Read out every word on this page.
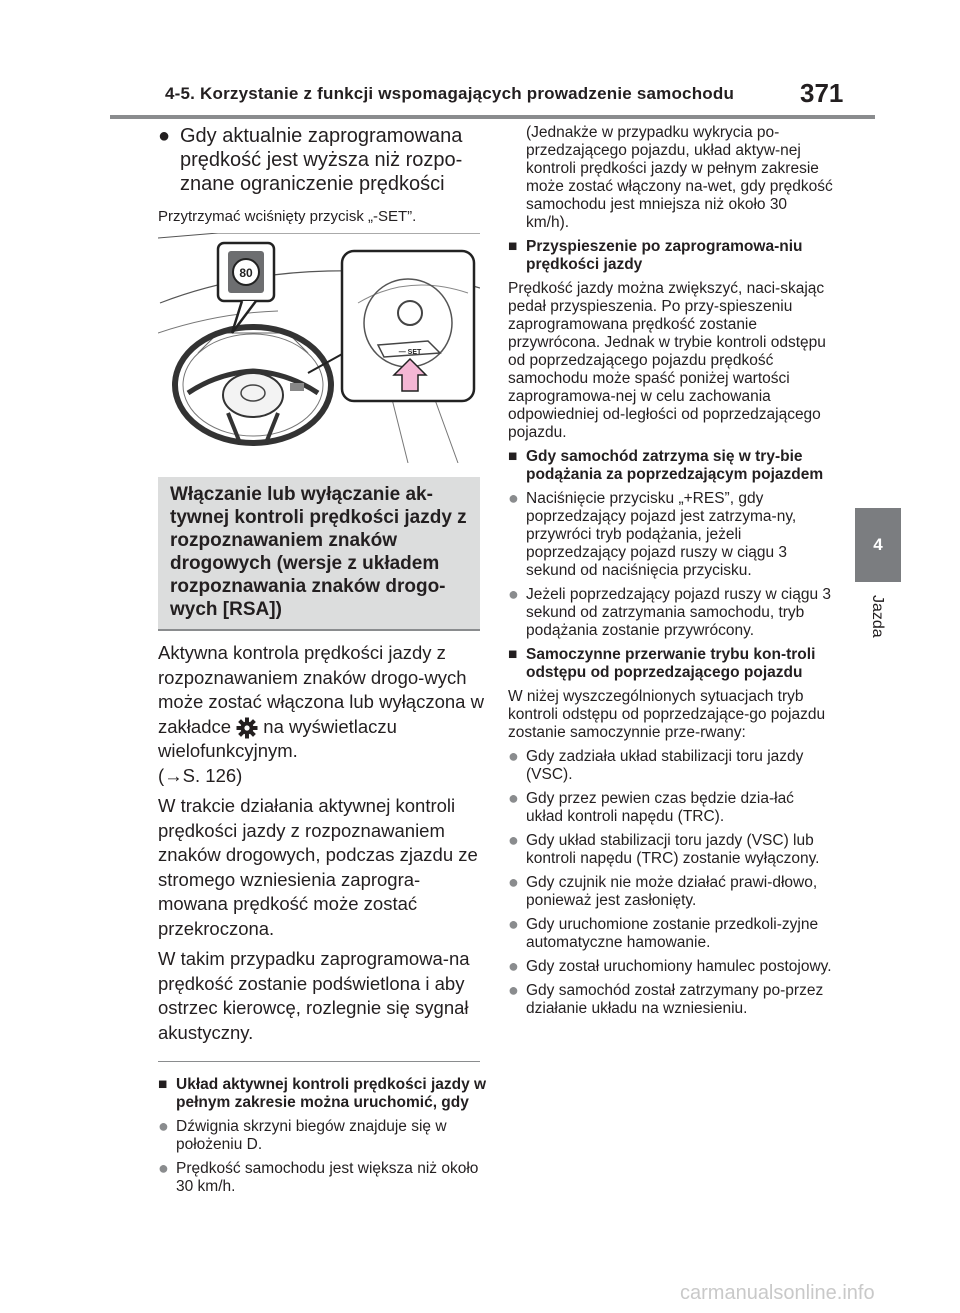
4-5. Korzystanie z funkcji wspomagających prowadzenie samochodu	371
4
Jazda
● Gdy aktualnie zaprogramowana
prędkość jest wyższa niż rozpo-
znane ograniczenie prędkości

Przytrzymać wciśnięty przycisk „-SET”.

80
— SET
Włączanie lub wyłączanie ak-tywnej kontroli prędkości jazdy z rozpoznawaniem znaków drogowych (wersje z układem rozpoznawania znaków drogo-wych [RSA])

Aktywna kontrola prędkości jazdy z rozpoznawaniem znaków drogo-wych może zostać włączona lub wyłączona w zakładce na wyświetlaczu wielofunkcyjnym.
(→S. 126)

W trakcie działania aktywnej kontroli prędkości jazdy z rozpoznawaniem znaków drogowych, podczas zjazdu ze stromego wzniesienia zaprogra-mowana prędkość może zostać przekroczona.

W takim przypadku zaprogramowa-na prędkość zostanie podświetlona i aby ostrzec kierowcę, rozlegnie się sygnał akustyczny.

■ Układ aktywnej kontroli prędkości jazdy w pełnym zakresie można uruchomić, gdy
● Dźwignia skrzyni biegów znajduje się w położeniu D.
● Prędkość samochodu jest większa niż około 30 km/h.

(Jednakże w przypadku wykrycia po-przedzającego pojazdu, układ aktyw-nej kontroli prędkości jazdy w pełnym zakresie może zostać włączony na-wet, gdy prędkość samochodu jest mniejsza niż około 30 km/h).

■ Przyspieszenie po zaprogramowa-niu prędkości jazdy

Prędkość jazdy można zwiększyć, naci-skając pedał przyspieszenia. Po przy-spieszeniu zaprogramowana prędkość zostanie przywrócona. Jednak w trybie kontroli odstępu od poprzedzającego pojazdu prędkość samochodu może spaść poniżej wartości zaprogramowa-nej w celu zachowania odpowiedniej od-ległości od poprzedzającego pojazdu.

■ Gdy samochód zatrzyma się w try-bie podążania za poprzedzającym pojazdem
● Naciśnięcie przycisku „+RES”, gdy poprzedzający pojazd jest zatrzyma-ny, przywróci tryb podążania, jeżeli poprzedzający pojazd ruszy w ciągu 3 sekund od naciśnięcia przycisku.
● Jeżeli poprzedzający pojazd ruszy w ciągu 3 sekund od zatrzymania samochodu, tryb podążania zostanie przywrócony.
■ Samoczynne przerwanie trybu kon-troli odstępu od poprzedzającego pojazdu

W niżej wyszczególnionych sytuacjach tryb kontroli odstępu od poprzedzające-go pojazdu zostanie samoczynnie prze-rwany:

● Gdy zadziała układ stabilizacji toru jazdy (VSC).
● Gdy przez pewien czas będzie dzia-łać układ kontroli napędu (TRC).
● Gdy układ stabilizacji toru jazdy (VSC) lub kontroli napędu (TRC) zostanie wyłączony.
● Gdy czujnik nie może działać prawi-dłowo, ponieważ jest zasłonięty.
● Gdy uruchomione zostanie przedkoli-zyjne automatyczne hamowanie.
● Gdy został uruchomiony hamulec postojowy.
● Gdy samochód został zatrzymany po-przez działanie układu na wzniesieniu.
carmanualsonline.info
